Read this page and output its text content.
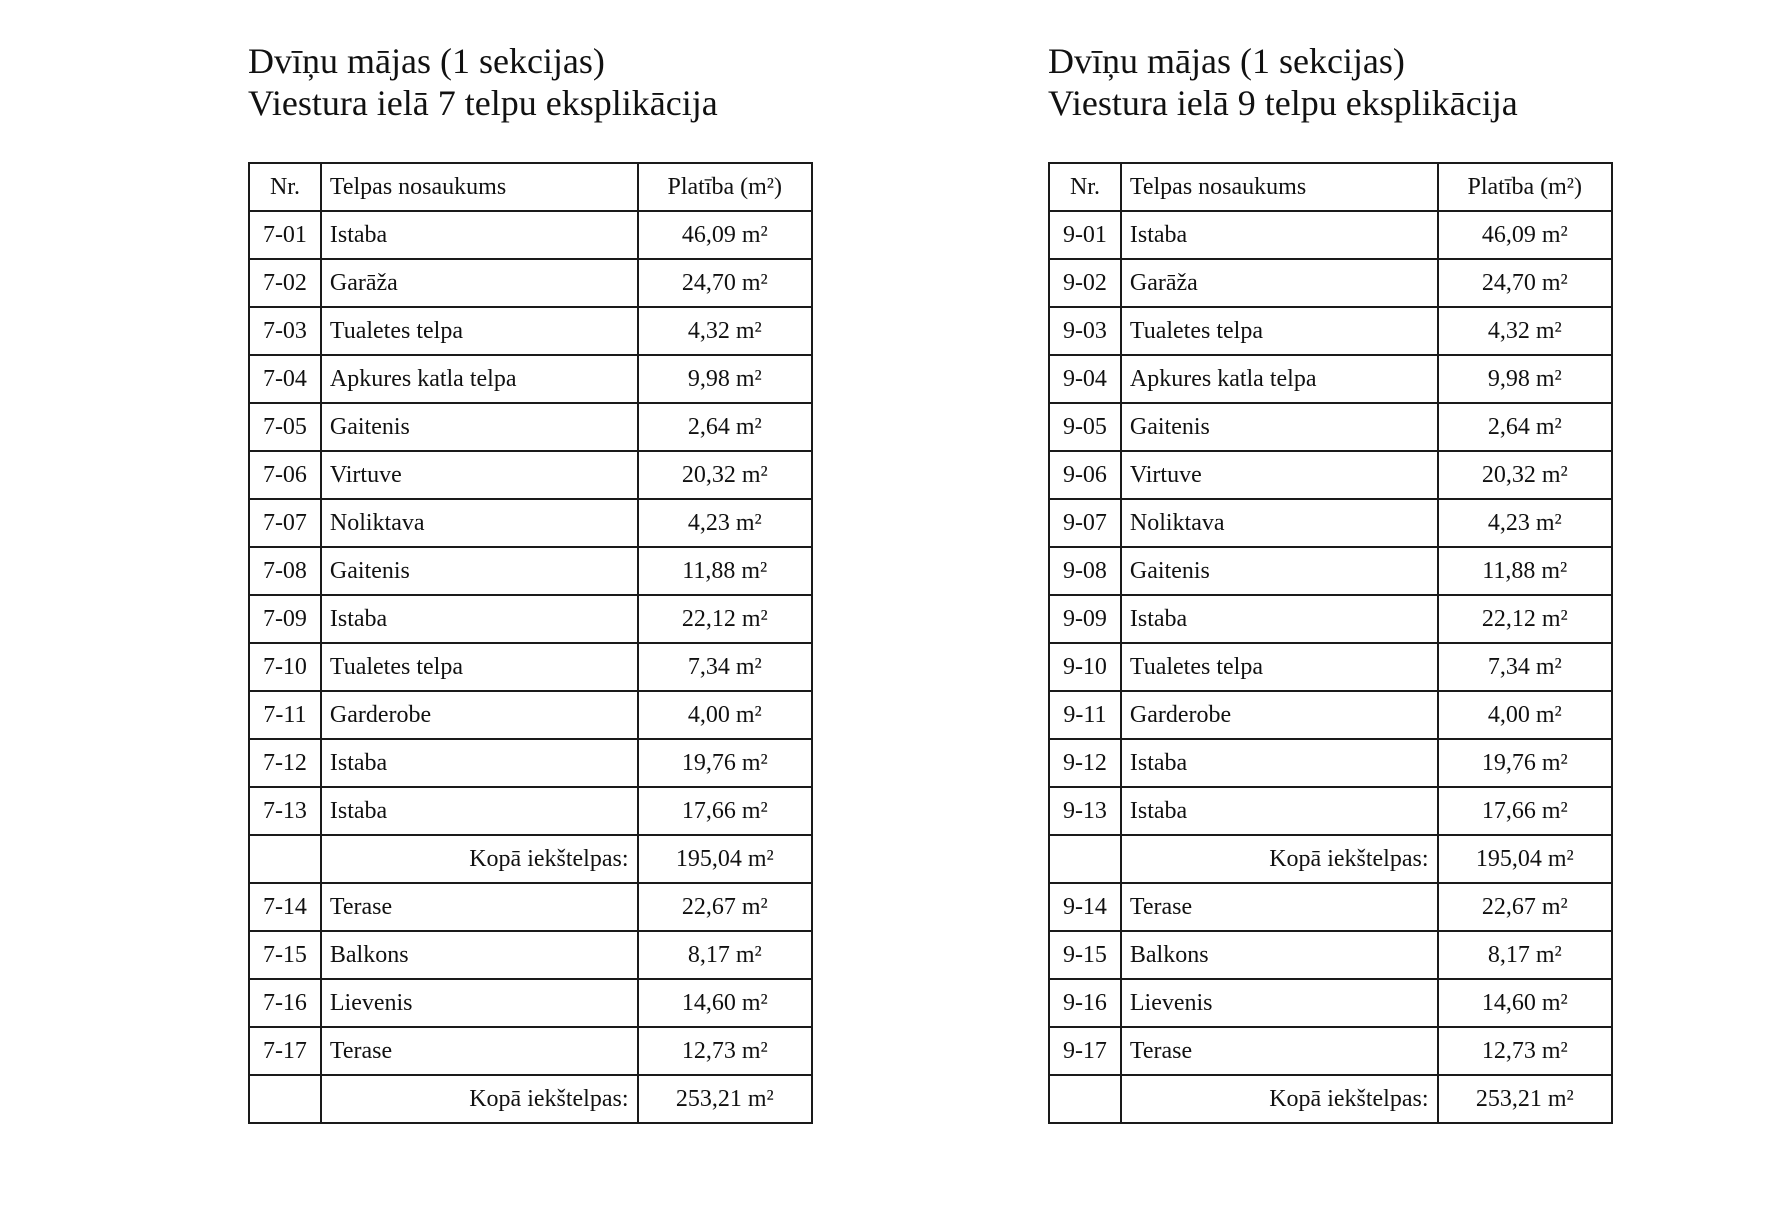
Dvīņu mājas (1 sekcijas)
Viestura ielā 7 telpu eksplikācija
Nr.	Telpas nosaukums	Platība (m²)
7-01	Istaba	46,09 m²
7-02	Garāža	24,70 m²
7-03	Tualetes telpa	4,32 m²
7-04	Apkures katla telpa	9,98 m²
7-05	Gaitenis	2,64 m²
7-06	Virtuve	20,32 m²
7-07	Noliktava	4,23 m²
7-08	Gaitenis	11,88 m²
7-09	Istaba	22,12 m²
7-10	Tualetes telpa	7,34 m²
7-11	Garderobe	4,00 m²
7-12	Istaba	19,76 m²
7-13	Istaba	17,66 m²
	Kopā iekštelpas:	195,04 m²
7-14	Terase	22,67 m²
7-15	Balkons	8,17 m²
7-16	Lievenis	14,60 m²
7-17	Terase	12,73 m²
	Kopā iekštelpas:	253,21 m²
Dvīņu mājas (1 sekcijas)
Viestura ielā 9 telpu eksplikācija
Nr.	Telpas nosaukums	Platība (m²)
9-01	Istaba	46,09 m²
9-02	Garāža	24,70 m²
9-03	Tualetes telpa	4,32 m²
9-04	Apkures katla telpa	9,98 m²
9-05	Gaitenis	2,64 m²
9-06	Virtuve	20,32 m²
9-07	Noliktava	4,23 m²
9-08	Gaitenis	11,88 m²
9-09	Istaba	22,12 m²
9-10	Tualetes telpa	7,34 m²
9-11	Garderobe	4,00 m²
9-12	Istaba	19,76 m²
9-13	Istaba	17,66 m²
	Kopā iekštelpas:	195,04 m²
9-14	Terase	22,67 m²
9-15	Balkons	8,17 m²
9-16	Lievenis	14,60 m²
9-17	Terase	12,73 m²
	Kopā iekštelpas:	253,21 m²
